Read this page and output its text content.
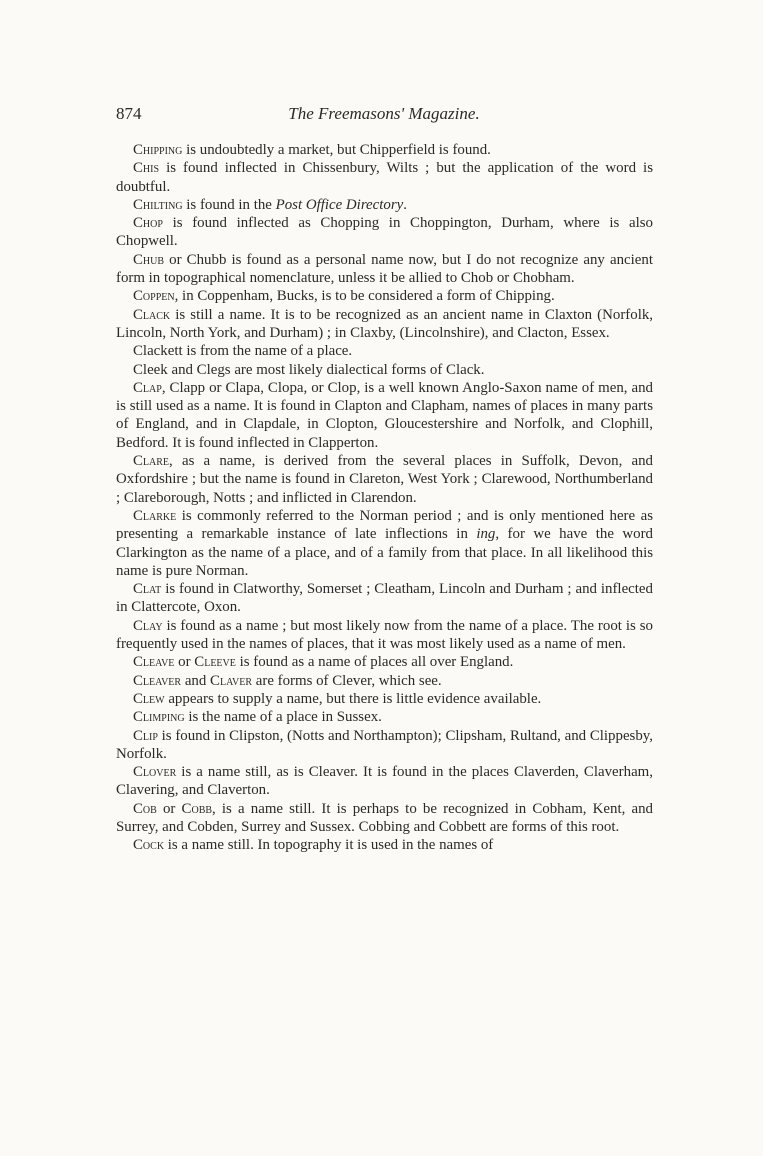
874	The Freemasons' Magazine.

Chipping is undoubtedly a market, but Chipperfield is found.

Chis is found inflected in Chissenbury, Wilts ; but the application of the word is doubtful.

Chilting is found in the Post Office Directory.

Chop is found inflected as Chopping in Choppington, Durham, where is also Chopwell.

Chub or Chubb is found as a personal name now, but I do not recognize any ancient form in topographical nomenclature, unless it be allied to Chob or Chobham.

Coppen, in Coppenham, Bucks, is to be considered a form of Chipping.

Clack is still a name. It is to be recognized as an ancient name in Claxton (Norfolk, Lincoln, North York, and Durham) ; in Claxby, (Lincolnshire), and Clacton, Essex.

Clackett is from the name of a place.

Cleek and Clegs are most likely dialectical forms of Clack.

Clap, Clapp or Clapa, Clopa, or Clop, is a well known Anglo-Saxon name of men, and is still used as a name. It is found in Clapton and Clapham, names of places in many parts of England, and in Clapdale, in Clopton, Gloucestershire and Norfolk, and Clophill, Bedford. It is found inflected in Clapperton.

Clare, as a name, is derived from the several places in Suffolk, Devon, and Oxfordshire ; but the name is found in Clareton, West York ; Clarewood, Northumberland ; Clareborough, Notts ; and inflicted in Clarendon.

Clarke is commonly referred to the Norman period ; and is only mentioned here as presenting a remarkable instance of late inflections in ing, for we have the word Clarkington as the name of a place, and of a family from that place. In all likelihood this name is pure Norman.

Clat is found in Clatworthy, Somerset ; Cleatham, Lincoln and Durham ; and inflected in Clattercote, Oxon.

Clay is found as a name ; but most likely now from the name of a place. The root is so frequently used in the names of places, that it was most likely used as a name of men.

Cleave or Cleeve is found as a name of places all over England.

Cleaver and Claver are forms of Clever, which see.

Clew appears to supply a name, but there is little evidence available.

Climping is the name of a place in Sussex.

Clip is found in Clipston, (Notts and Northampton); Clipsham, Rultand, and Clippesby, Norfolk.

Clover is a name still, as is Cleaver. It is found in the places Claverden, Claverham, Clavering, and Claverton.

Cob or Cobb, is a name still. It is perhaps to be recognized in Cobham, Kent, and Surrey, and Cobden, Surrey and Sussex. Cobbing and Cobbett are forms of this root.

Cock is a name still. In topography it is used in the names of
